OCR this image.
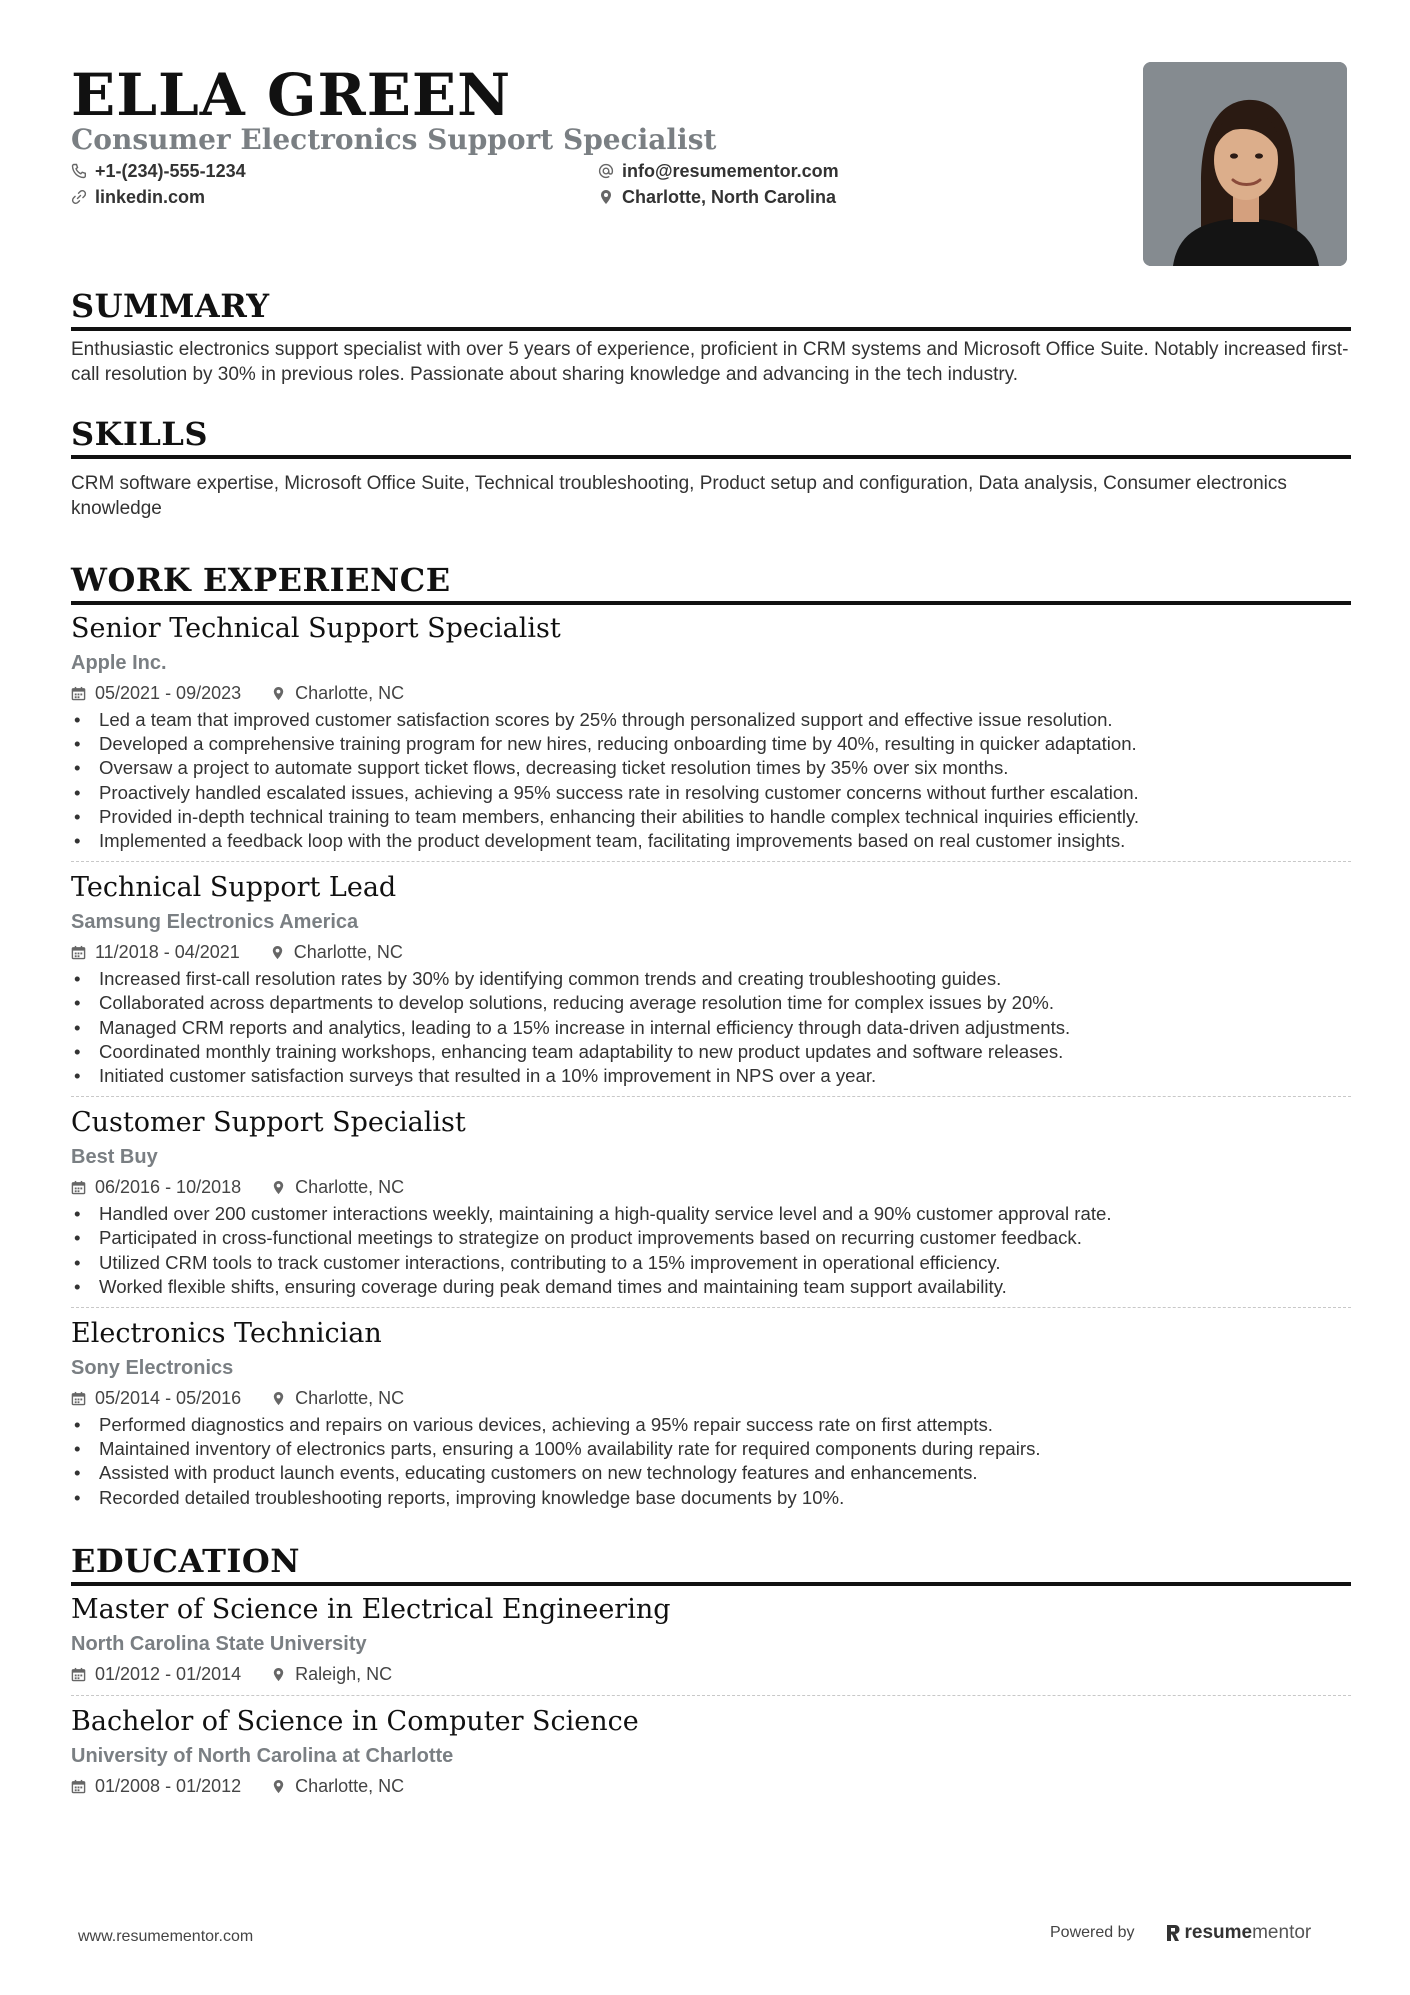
ELLA GREEN
Consumer Electronics Support Specialist
+1-(234)-555-1234	info@resumementor.com
linkedin.com	Charlotte, North Carolina
SUMMARY
Enthusiastic electronics support specialist with over 5 years of experience, proficient in CRM systems and Microsoft Office Suite. Notably increased first-call resolution by 30% in previous roles. Passionate about sharing knowledge and advancing in the tech industry.
SKILLS
CRM software expertise, Microsoft Office Suite, Technical troubleshooting, Product setup and configuration, Data analysis, Consumer electronics knowledge
WORK EXPERIENCE
Senior Technical Support Specialist
Apple Inc.
05/2021 - 09/2023	Charlotte, NC
• Led a team that improved customer satisfaction scores by 25% through personalized support and effective issue resolution.
• Developed a comprehensive training program for new hires, reducing onboarding time by 40%, resulting in quicker adaptation.
• Oversaw a project to automate support ticket flows, decreasing ticket resolution times by 35% over six months.
• Proactively handled escalated issues, achieving a 95% success rate in resolving customer concerns without further escalation.
• Provided in-depth technical training to team members, enhancing their abilities to handle complex technical inquiries efficiently.
• Implemented a feedback loop with the product development team, facilitating improvements based on real customer insights.
Technical Support Lead
Samsung Electronics America
11/2018 - 04/2021	Charlotte, NC
• Increased first-call resolution rates by 30% by identifying common trends and creating troubleshooting guides.
• Collaborated across departments to develop solutions, reducing average resolution time for complex issues by 20%.
• Managed CRM reports and analytics, leading to a 15% increase in internal efficiency through data-driven adjustments.
• Coordinated monthly training workshops, enhancing team adaptability to new product updates and software releases.
• Initiated customer satisfaction surveys that resulted in a 10% improvement in NPS over a year.
Customer Support Specialist
Best Buy
06/2016 - 10/2018	Charlotte, NC
• Handled over 200 customer interactions weekly, maintaining a high-quality service level and a 90% customer approval rate.
• Participated in cross-functional meetings to strategize on product improvements based on recurring customer feedback.
• Utilized CRM tools to track customer interactions, contributing to a 15% improvement in operational efficiency.
• Worked flexible shifts, ensuring coverage during peak demand times and maintaining team support availability.
Electronics Technician
Sony Electronics
05/2014 - 05/2016	Charlotte, NC
• Performed diagnostics and repairs on various devices, achieving a 95% repair success rate on first attempts.
• Maintained inventory of electronics parts, ensuring a 100% availability rate for required components during repairs.
• Assisted with product launch events, educating customers on new technology features and enhancements.
• Recorded detailed troubleshooting reports, improving knowledge base documents by 10%.
EDUCATION
Master of Science in Electrical Engineering
North Carolina State University
01/2012 - 01/2014	Raleigh, NC
Bachelor of Science in Computer Science
University of North Carolina at Charlotte
01/2008 - 01/2012	Charlotte, NC
www.resumementor.com	Powered by	resume mentor
